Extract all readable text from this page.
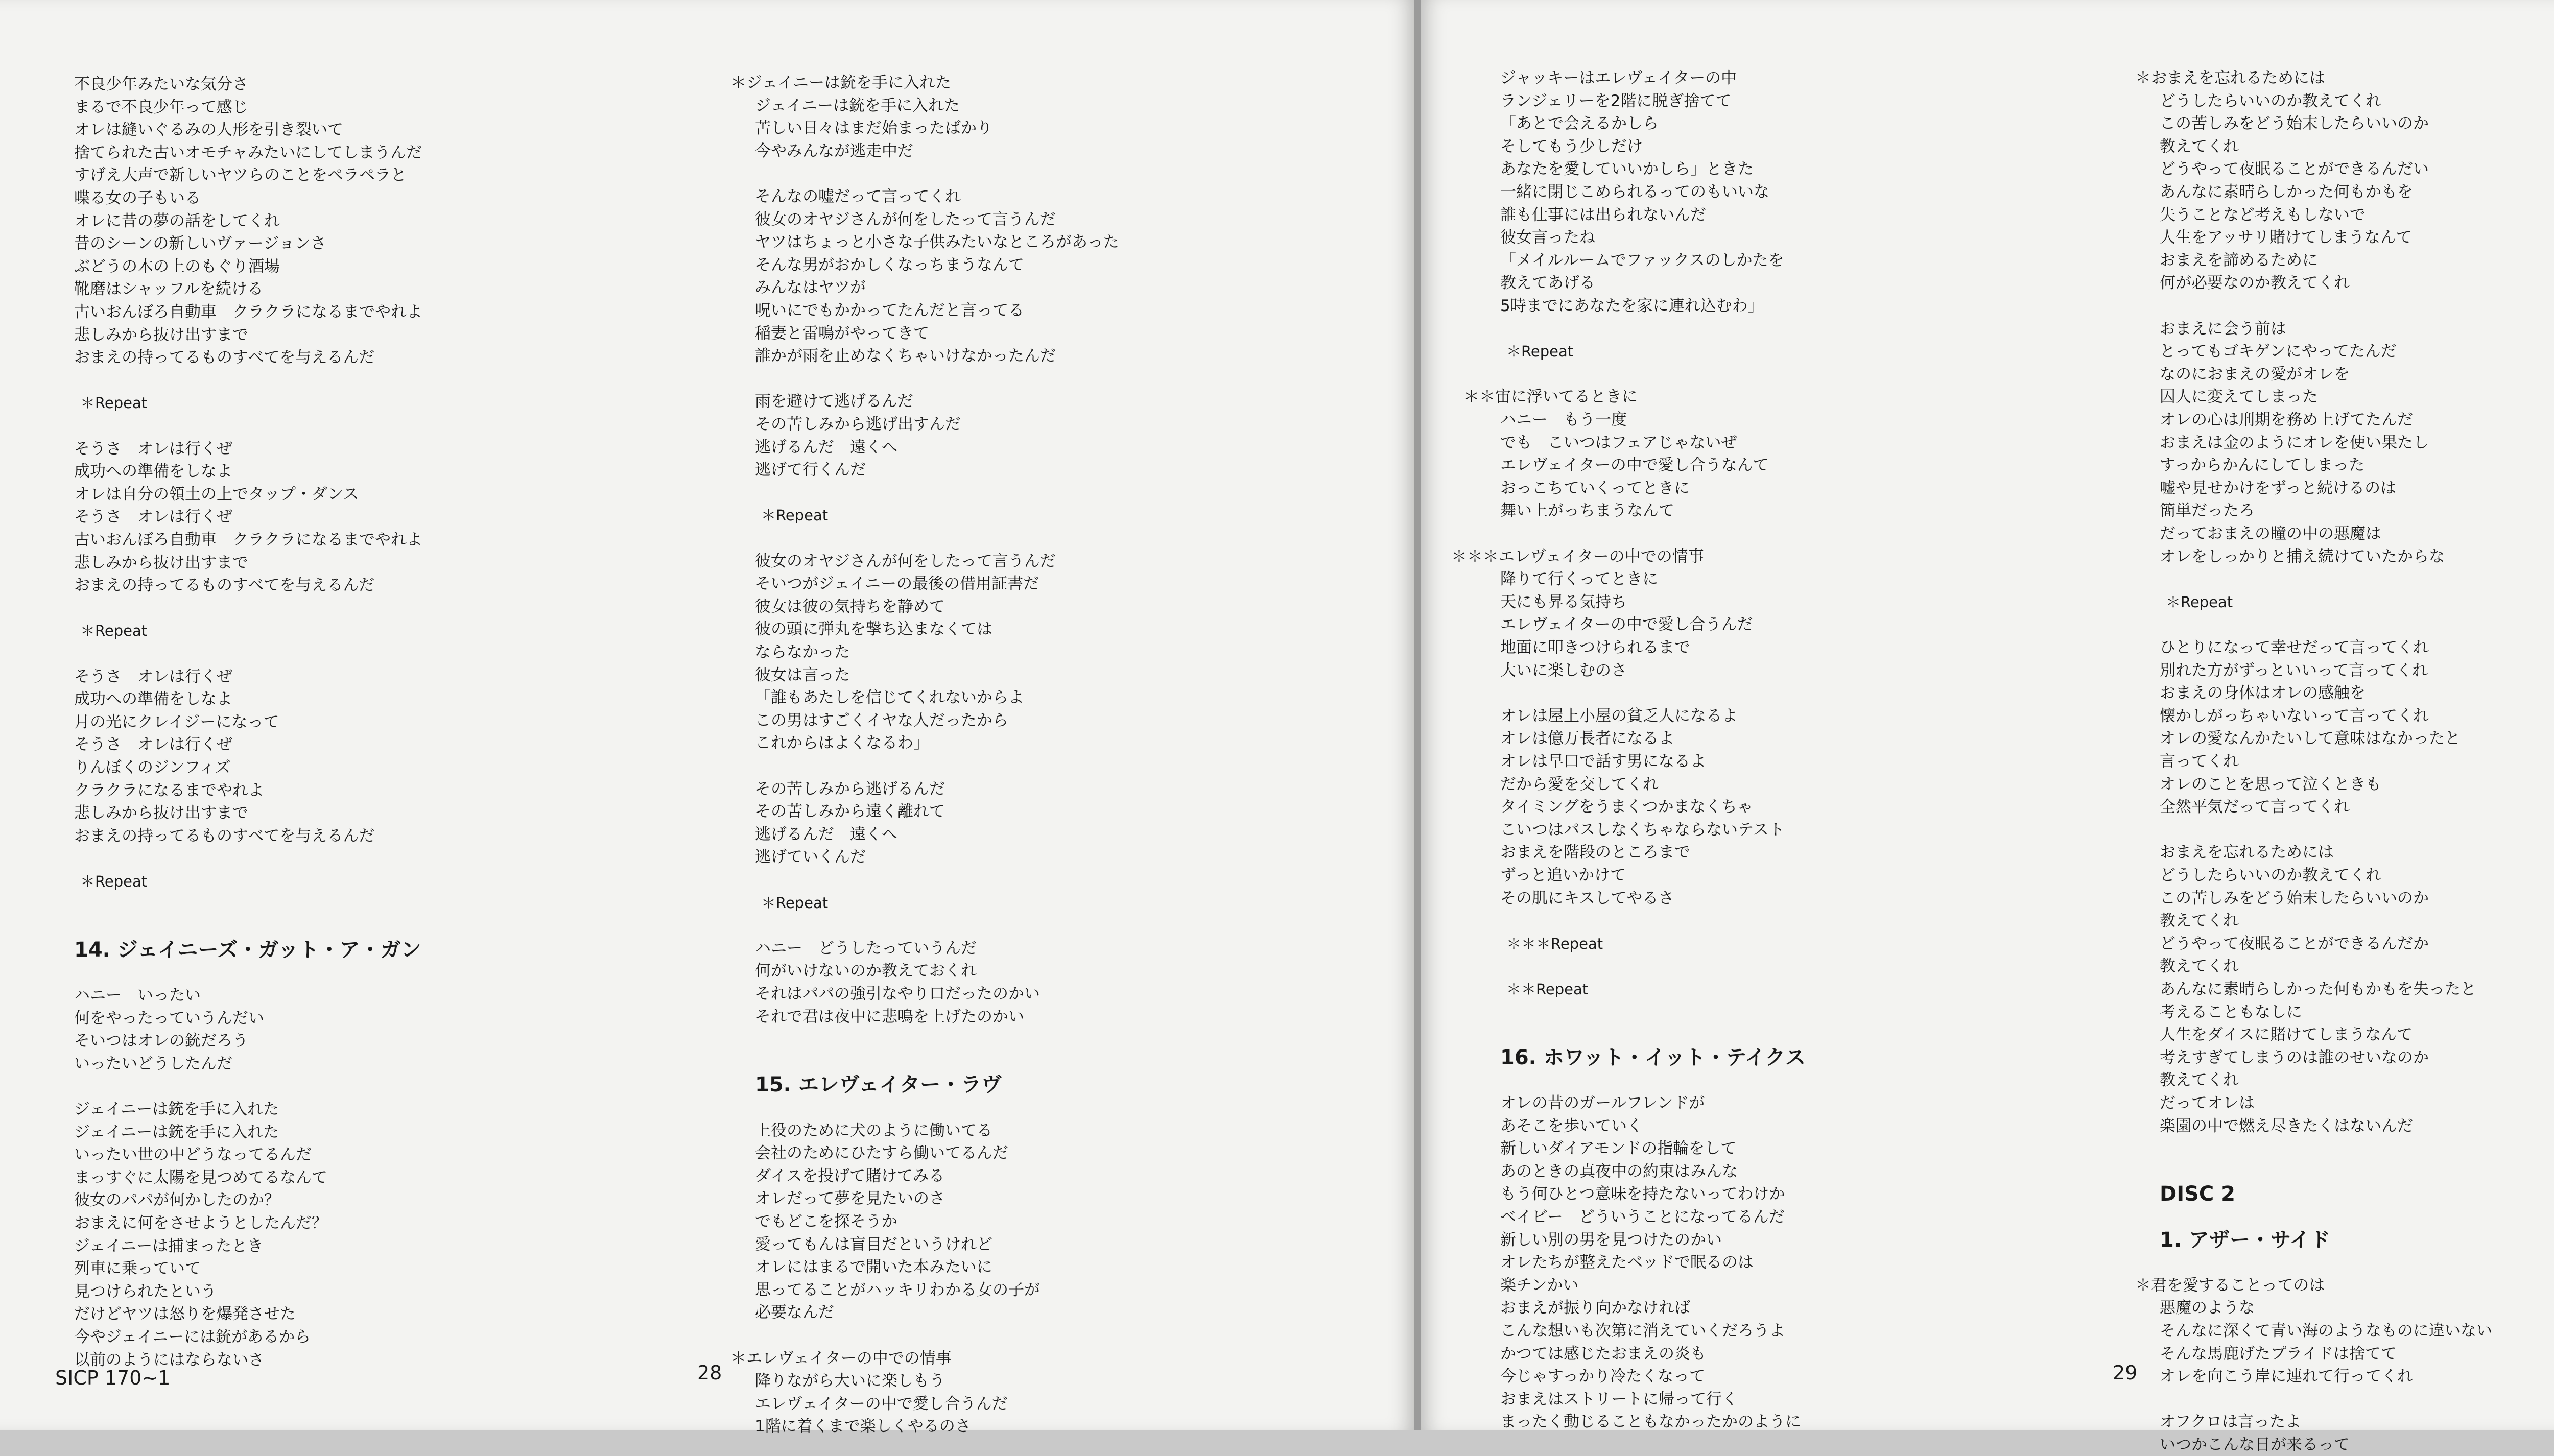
不良少年みたいな気分さ
まるで不良少年って感じ
オレは縫いぐるみの人形を引き裂いて
捨てられた古いオモチャみたいにしてしまうんだ
すげえ大声で新しいヤツらのことをペラペラと
喋る女の子もいる
オレに昔の夢の話をしてくれ
昔のシーンの新しいヴァージョンさ
ぶどうの木の上のもぐり酒場
靴磨はシャッフルを続ける
古いおんぼろ自動車　クラクラになるまでやれよ
悲しみから抜け出すまで
おまえの持ってるものすべてを与えるんだ
＊Repeat
そうさ　オレは行くぜ
成功への準備をしなよ
オレは自分の領土の上でタップ・ダンス
そうさ　オレは行くぜ
古いおんぼろ自動車　クラクラになるまでやれよ
悲しみから抜け出すまで
おまえの持ってるものすべてを与えるんだ
＊Repeat
そうさ　オレは行くぜ
成功への準備をしなよ
月の光にクレイジーになって
そうさ　オレは行くぜ
りんぼくのジンフィズ
クラクラになるまでやれよ
悲しみから抜け出すまで
おまえの持ってるものすべてを与えるんだ
＊Repeat
14. ジェイニーズ・ガット・ア・ガン
ハニー　いったい
何をやったっていうんだい
そいつはオレの銃だろう
いったいどうしたんだ
ジェイニーは銃を手に入れた
ジェイニーは銃を手に入れた
いったい世の中どうなってるんだ
まっすぐに太陽を見つめてるなんて
彼女のパパが何かしたのか？
おまえに何をさせようとしたんだ？
ジェイニーは捕まったとき
列車に乗っていて
見つけられたという
だけどヤツは怒りを爆発させた
今やジェイニーには銃があるから
以前のようにはならないさ
＊ジェイニーは銃を手に入れた
ジェイニーは銃を手に入れた
苦しい日々はまだ始まったばかり
今やみんなが逃走中だ
そんなの嘘だって言ってくれ
彼女のオヤジさんが何をしたって言うんだ
ヤツはちょっと小さな子供みたいなところがあった
そんな男がおかしくなっちまうなんて
みんなはヤツが
呪いにでもかかってたんだと言ってる
稲妻と雷鳴がやってきて
誰かが雨を止めなくちゃいけなかったんだ
雨を避けて逃げるんだ
その苦しみから逃げ出すんだ
逃げるんだ　遠くへ
逃げて行くんだ
＊Repeat
彼女のオヤジさんが何をしたって言うんだ
そいつがジェイニーの最後の借用証書だ
彼女は彼の気持ちを静めて
彼の頭に弾丸を撃ち込まなくては
ならなかった
彼女は言った
「誰もあたしを信じてくれないからよ
この男はすごくイヤな人だったから
これからはよくなるわ」
その苦しみから逃げるんだ
その苦しみから遠く離れて
逃げるんだ　遠くへ
逃げていくんだ
＊Repeat
ハニー　どうしたっていうんだ
何がいけないのか教えておくれ
それはパパの強引なやり口だったのかい
それで君は夜中に悲鳴を上げたのかい
15. エレヴェイター・ラヴ
上役のために犬のように働いてる
会社のためにひたすら働いてるんだ
ダイスを投げて賭けてみる
オレだって夢を見たいのさ
でもどこを探そうか
愛ってもんは盲目だというけれど
オレにはまるで開いた本みたいに
思ってることがハッキリわかる女の子が
必要なんだ
＊エレヴェイターの中での情事
降りながら大いに楽しもう
エレヴェイターの中で愛し合うんだ
1階に着くまで楽しくやるのさ
SICP 170~1	28
ジャッキーはエレヴェイターの中
ランジェリーを2階に脱ぎ捨てて
「あとで会えるかしら
そしてもう少しだけ
あなたを愛していいかしら」ときた
一緒に閉じこめられるってのもいいな
誰も仕事には出られないんだ
彼女言ったね
「メイルルームでファックスのしかたを
教えてあげる
5時までにあなたを家に連れ込むわ」
＊Repeat
＊＊宙に浮いてるときに
ハニー　もう一度
でも　こいつはフェアじゃないぜ
エレヴェイターの中で愛し合うなんて
おっこちていくってときに
舞い上がっちまうなんて
＊＊＊エレヴェイターの中での情事
降りて行くってときに
天にも昇る気持ち
エレヴェイターの中で愛し合うんだ
地面に叩きつけられるまで
大いに楽しむのさ
オレは屋上小屋の貧乏人になるよ
オレは億万長者になるよ
オレは早口で話す男になるよ
だから愛を交してくれ
タイミングをうまくつかまなくちゃ
こいつはパスしなくちゃならないテスト
おまえを階段のところまで
ずっと追いかけて
その肌にキスしてやるさ
＊＊＊Repeat
＊＊Repeat
16. ホワット・イット・テイクス
オレの昔のガールフレンドが
あそこを歩いていく
新しいダイアモンドの指輪をして
あのときの真夜中の約束はみんな
もう何ひとつ意味を持たないってわけか
ベイビー　どういうことになってるんだ
新しい別の男を見つけたのかい
オレたちが整えたベッドで眠るのは
楽チンかい
おまえが振り向かなければ
こんな想いも次第に消えていくだろうよ
かつては感じたおまえの炎も
今じゃすっかり冷たくなって
おまえはストリートに帰って行く
まったく動じることもなかったかのように
＊おまえを忘れるためには
どうしたらいいのか教えてくれ
この苦しみをどう始末したらいいのか
教えてくれ
どうやって夜眠ることができるんだい
あんなに素晴らしかった何もかもを
失うことなど考えもしないで
人生をアッサリ賭けてしまうなんて
おまえを諦めるために
何が必要なのか教えてくれ
おまえに会う前は
とってもゴキゲンにやってたんだ
なのにおまえの愛がオレを
囚人に変えてしまった
オレの心は刑期を務め上げてたんだ
おまえは金のようにオレを使い果たし
すっからかんにしてしまった
嘘や見せかけをずっと続けるのは
簡単だったろ
だっておまえの瞳の中の悪魔は
オレをしっかりと捕え続けていたからな
＊Repeat
ひとりになって幸せだって言ってくれ
別れた方がずっといいって言ってくれ
おまえの身体はオレの感触を
懐かしがっちゃいないって言ってくれ
オレの愛なんかたいして意味はなかったと
言ってくれ
オレのことを思って泣くときも
全然平気だって言ってくれ
おまえを忘れるためには
どうしたらいいのか教えてくれ
この苦しみをどう始末したらいいのか
教えてくれ
どうやって夜眠ることができるんだか
教えてくれ
あんなに素晴らしかった何もかもを失ったと
考えることもなしに
人生をダイスに賭けてしまうなんて
考えすぎてしまうのは誰のせいなのか
教えてくれ
だってオレは
楽園の中で燃え尽きたくはないんだ
DISC 2
1. アザー・サイド
＊君を愛することってのは
悪魔のような
そんなに深くて青い海のようなものに違いない
そんな馬鹿げたプライドは捨てて
オレを向こう岸に連れて行ってくれ
オフクロは言ったよ
いつかこんな日が来るって
29
